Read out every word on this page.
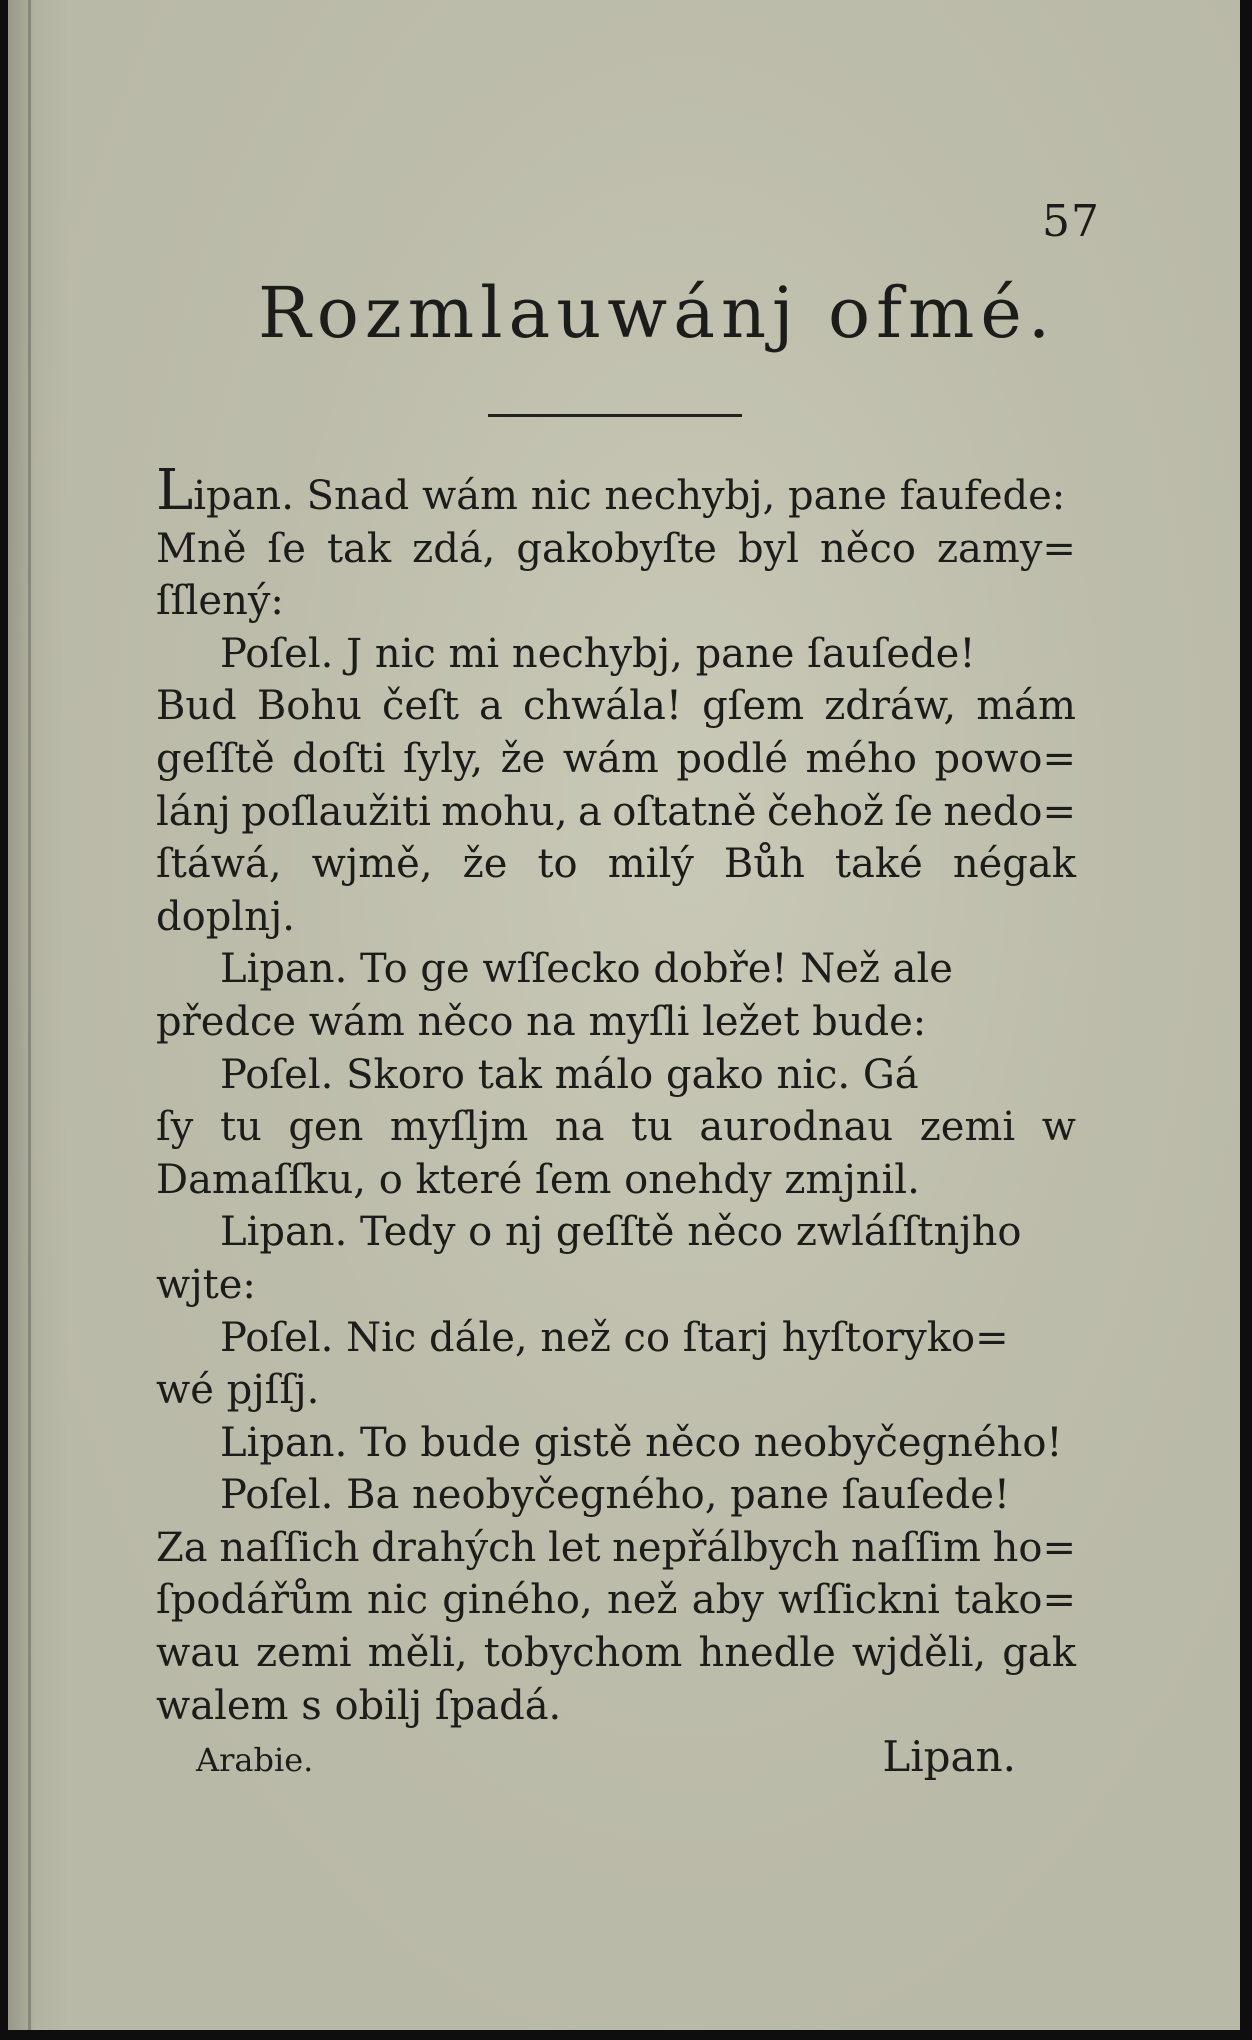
57
Rozmlauwánj ofmé.
Lipan. Snad wám nic nechybj, pane faufede:
Mně ſe tak zdá, gakobyſte byl něco zamy=
ſſlený:
Poſel. J nic mi nechybj, pane ſauſede!
Bud Bohu čeſt a chwála! gſem zdráw, mám
geſſtě doſti ſyly, že wám podlé mého powo=
lánj poſlaužiti mohu, a oſtatně čehož ſe nedo=
ſtáwá, wjmě, že to milý Bůh také négak
doplnj.
Lipan. To ge wſſecko dobře! Než ale
předce wám něco na myſli ležet bude:
Poſel. Skoro tak málo gako nic. Gá
ſy tu gen myſljm na tu aurodnau zemi w
Damaſſku, o které ſem onehdy zmjnil.
Lipan. Tedy o nj geſſtě něco zwláſſtnjho
wjte:
Poſel. Nic dále, než co ſtarj hyſtoryko=
wé pjſſj.
Lipan. To bude gistě něco neobyčegného!
Poſel. Ba neobyčegného, pane ſauſede!
Za naſſich drahých let nepřálbych naſſim ho=
ſpodářům nic giného, než aby wſſickni tako=
wau zemi měli, tobychom hnedle wjděli, gak
walem s obilj ſpadá.
Arabie.	Lipan.
